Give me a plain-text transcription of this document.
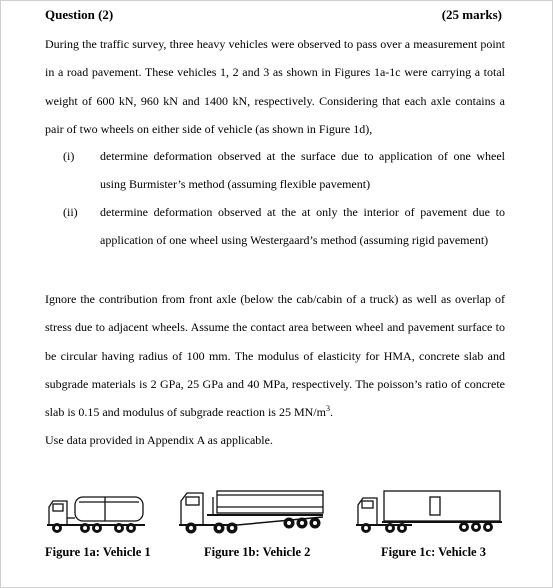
Question (2)	(25 marks)
During the traffic survey, three heavy vehicles were observed to pass over a measurement point in a road pavement. These vehicles 1, 2 and 3 as shown in Figures 1a-1c were carrying a total weight of 600 kN, 960 kN and 1400 kN, respectively. Considering that each axle contains a pair of two wheels on either side of vehicle (as shown in Figure 1d),
(i)	determine deformation observed at the surface due to application of one wheel using Burmister’s method (assuming flexible pavement)
(ii)	determine deformation observed at the at only the interior of pavement due to application of one wheel using Westergaard’s method (assuming rigid pavement)
Ignore the contribution from front axle (below the cab/cabin of a truck) as well as overlap of stress due to adjacent wheels. Assume the contact area between wheel and pavement surface to be circular having radius of 100 mm. The modulus of elasticity for HMA, concrete slab and subgrade materials is 2 GPa, 25 GPa and 40 MPa, respectively. The poisson’s ratio of concrete slab is 0.15 and modulus of subgrade reaction is 25 $MN/m^3$.
Use data provided in Appendix A as applicable.
Figure 1a: Vehicle 1	Figure 1b: Vehicle 2	Figure 1c: Vehicle 3
